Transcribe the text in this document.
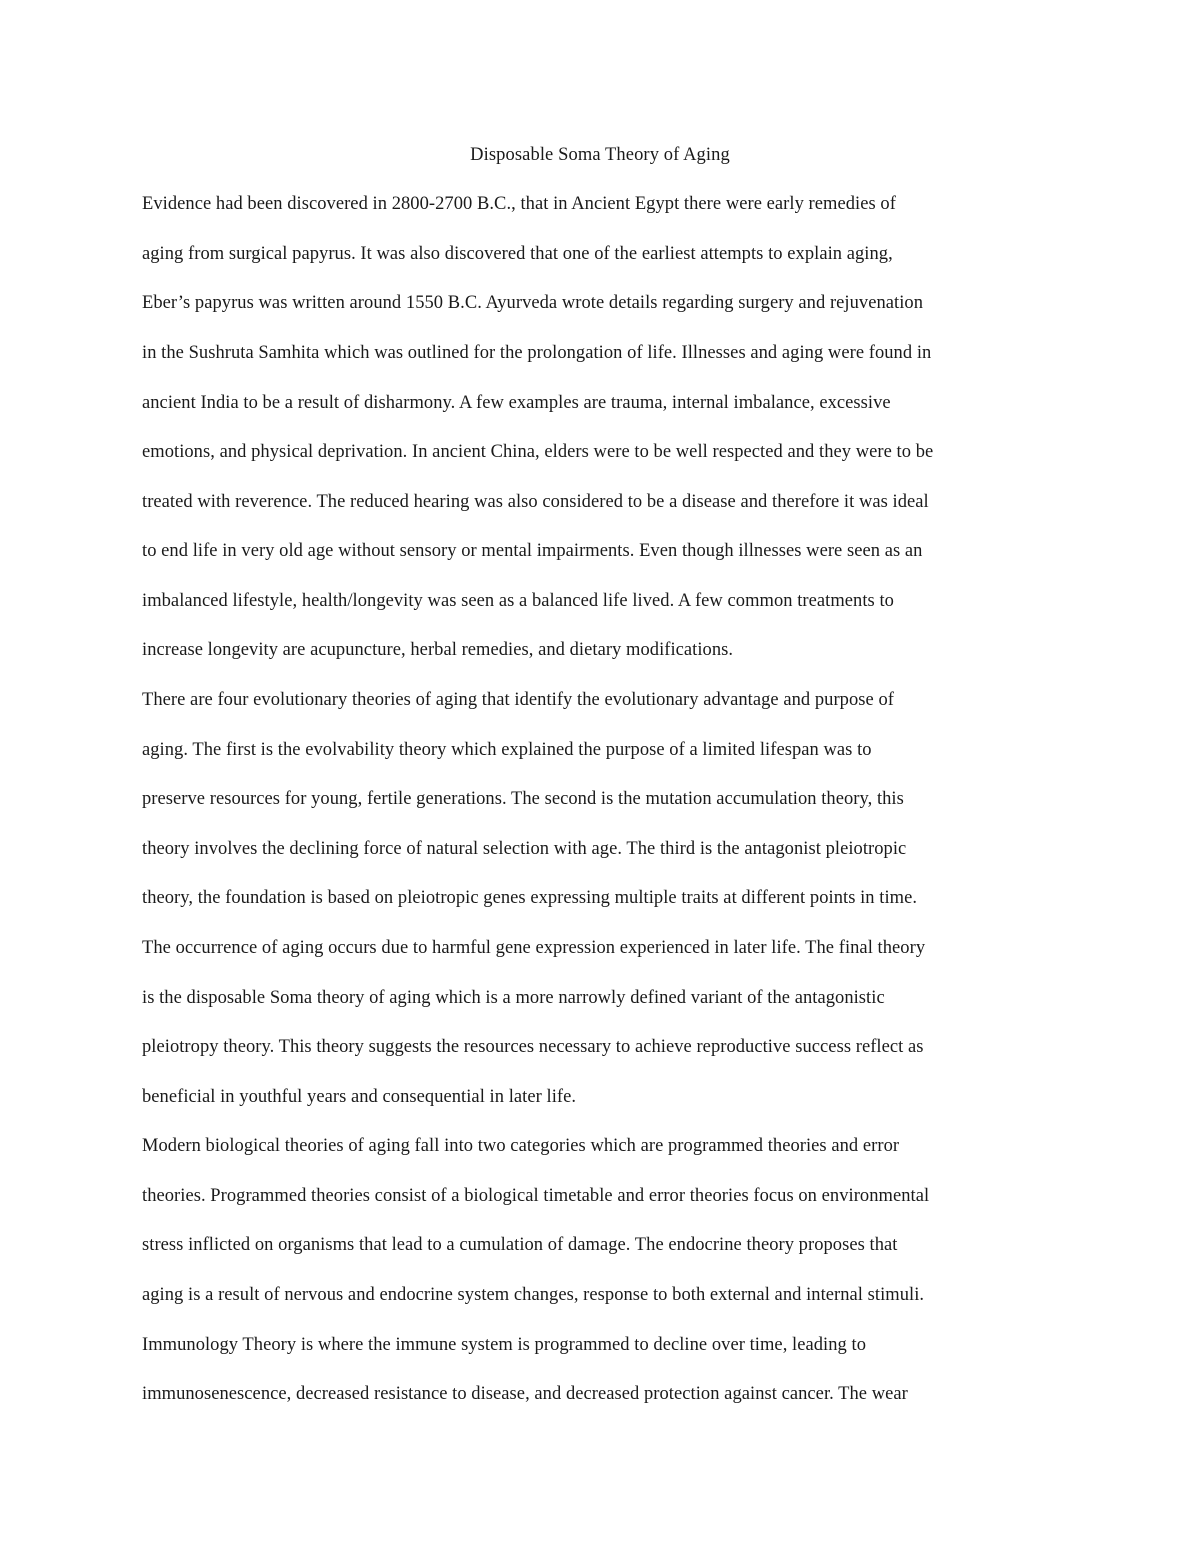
Disposable Soma Theory of Aging
Evidence had been discovered in 2800-2700 B.C., that in Ancient Egypt there were early remedies of
aging from surgical papyrus. It was also discovered that one of the earliest attempts to explain aging,
Eber’s papyrus was written around 1550 B.C. Ayurveda wrote details regarding surgery and rejuvenation
in the Sushruta Samhita which was outlined for the prolongation of life. Illnesses and aging were found in
ancient India to be a result of disharmony. A few examples are trauma, internal imbalance, excessive
emotions, and physical deprivation. In ancient China, elders were to be well respected and they were to be
treated with reverence. The reduced hearing was also considered to be a disease and therefore it was ideal
to end life in very old age without sensory or mental impairments. Even though illnesses were seen as an
imbalanced lifestyle, health/longevity was seen as a balanced life lived. A few common treatments to
increase longevity are acupuncture, herbal remedies, and dietary modifications.
There are four evolutionary theories of aging that identify the evolutionary advantage and purpose of
aging. The first is the evolvability theory which explained the purpose of a limited lifespan was to
preserve resources for young, fertile generations. The second is the mutation accumulation theory, this
theory involves the declining force of natural selection with age. The third is the antagonist pleiotropic
theory, the foundation is based on pleiotropic genes expressing multiple traits at different points in time.
The occurrence of aging occurs due to harmful gene expression experienced in later life. The final theory
is the disposable Soma theory of aging which is a more narrowly defined variant of the antagonistic
pleiotropy theory. This theory suggests the resources necessary to achieve reproductive success reflect as
beneficial in youthful years and consequential in later life.
Modern biological theories of aging fall into two categories which are programmed theories and error
theories. Programmed theories consist of a biological timetable and error theories focus on environmental
stress inflicted on organisms that lead to a cumulation of damage. The endocrine theory proposes that
aging is a result of nervous and endocrine system changes, response to both external and internal stimuli.
Immunology Theory is where the immune system is programmed to decline over time, leading to
immunosenescence, decreased resistance to disease, and decreased protection against cancer. The wear
